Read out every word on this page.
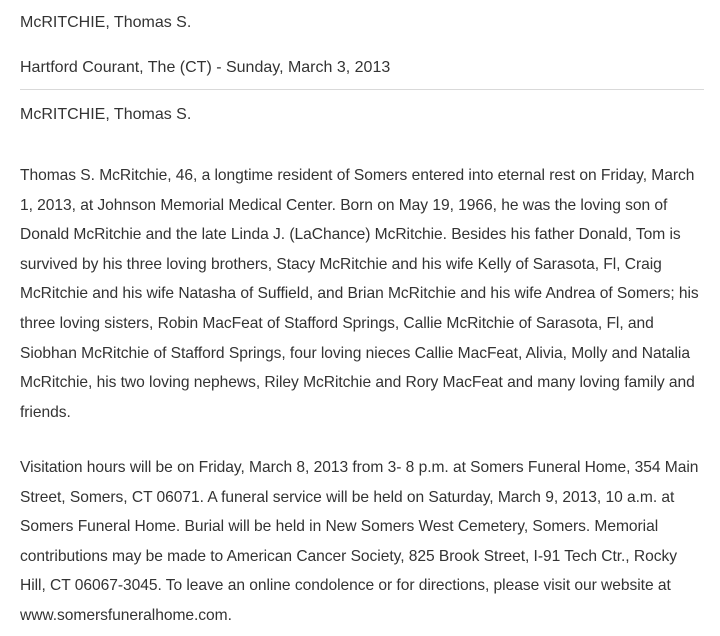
McRITCHIE, Thomas S.

Hartford Courant, The (CT) - Sunday, March 3, 2013

McRITCHIE, Thomas S.

Thomas S. McRitchie, 46, a longtime resident of Somers entered into eternal rest on Friday, March 1, 2013, at Johnson Memorial Medical Center. Born on May 19, 1966, he was the loving son of Donald McRitchie and the late Linda J. (LaChance) McRitchie. Besides his father Donald, Tom is survived by his three loving brothers, Stacy McRitchie and his wife Kelly of Sarasota, Fl, Craig McRitchie and his wife Natasha of Suffield, and Brian McRitchie and his wife Andrea of Somers; his three loving sisters, Robin MacFeat of Stafford Springs, Callie McRitchie of Sarasota, Fl, and Siobhan McRitchie of Stafford Springs, four loving nieces Callie MacFeat, Alivia, Molly and Natalia McRitchie, his two loving nephews, Riley McRitchie and Rory MacFeat and many loving family and friends.

Visitation hours will be on Friday, March 8, 2013 from 3- 8 p.m. at Somers Funeral Home, 354 Main Street, Somers, CT 06071. A funeral service will be held on Saturday, March 9, 2013, 10 a.m. at Somers Funeral Home. Burial will be held in New Somers West Cemetery, Somers. Memorial contributions may be made to American Cancer Society, 825 Brook Street, I-91 Tech Ctr., Rocky Hill, CT 06067-3045. To leave an online condolence or for directions, please visit our website at www.somersfuneralhome.com.
